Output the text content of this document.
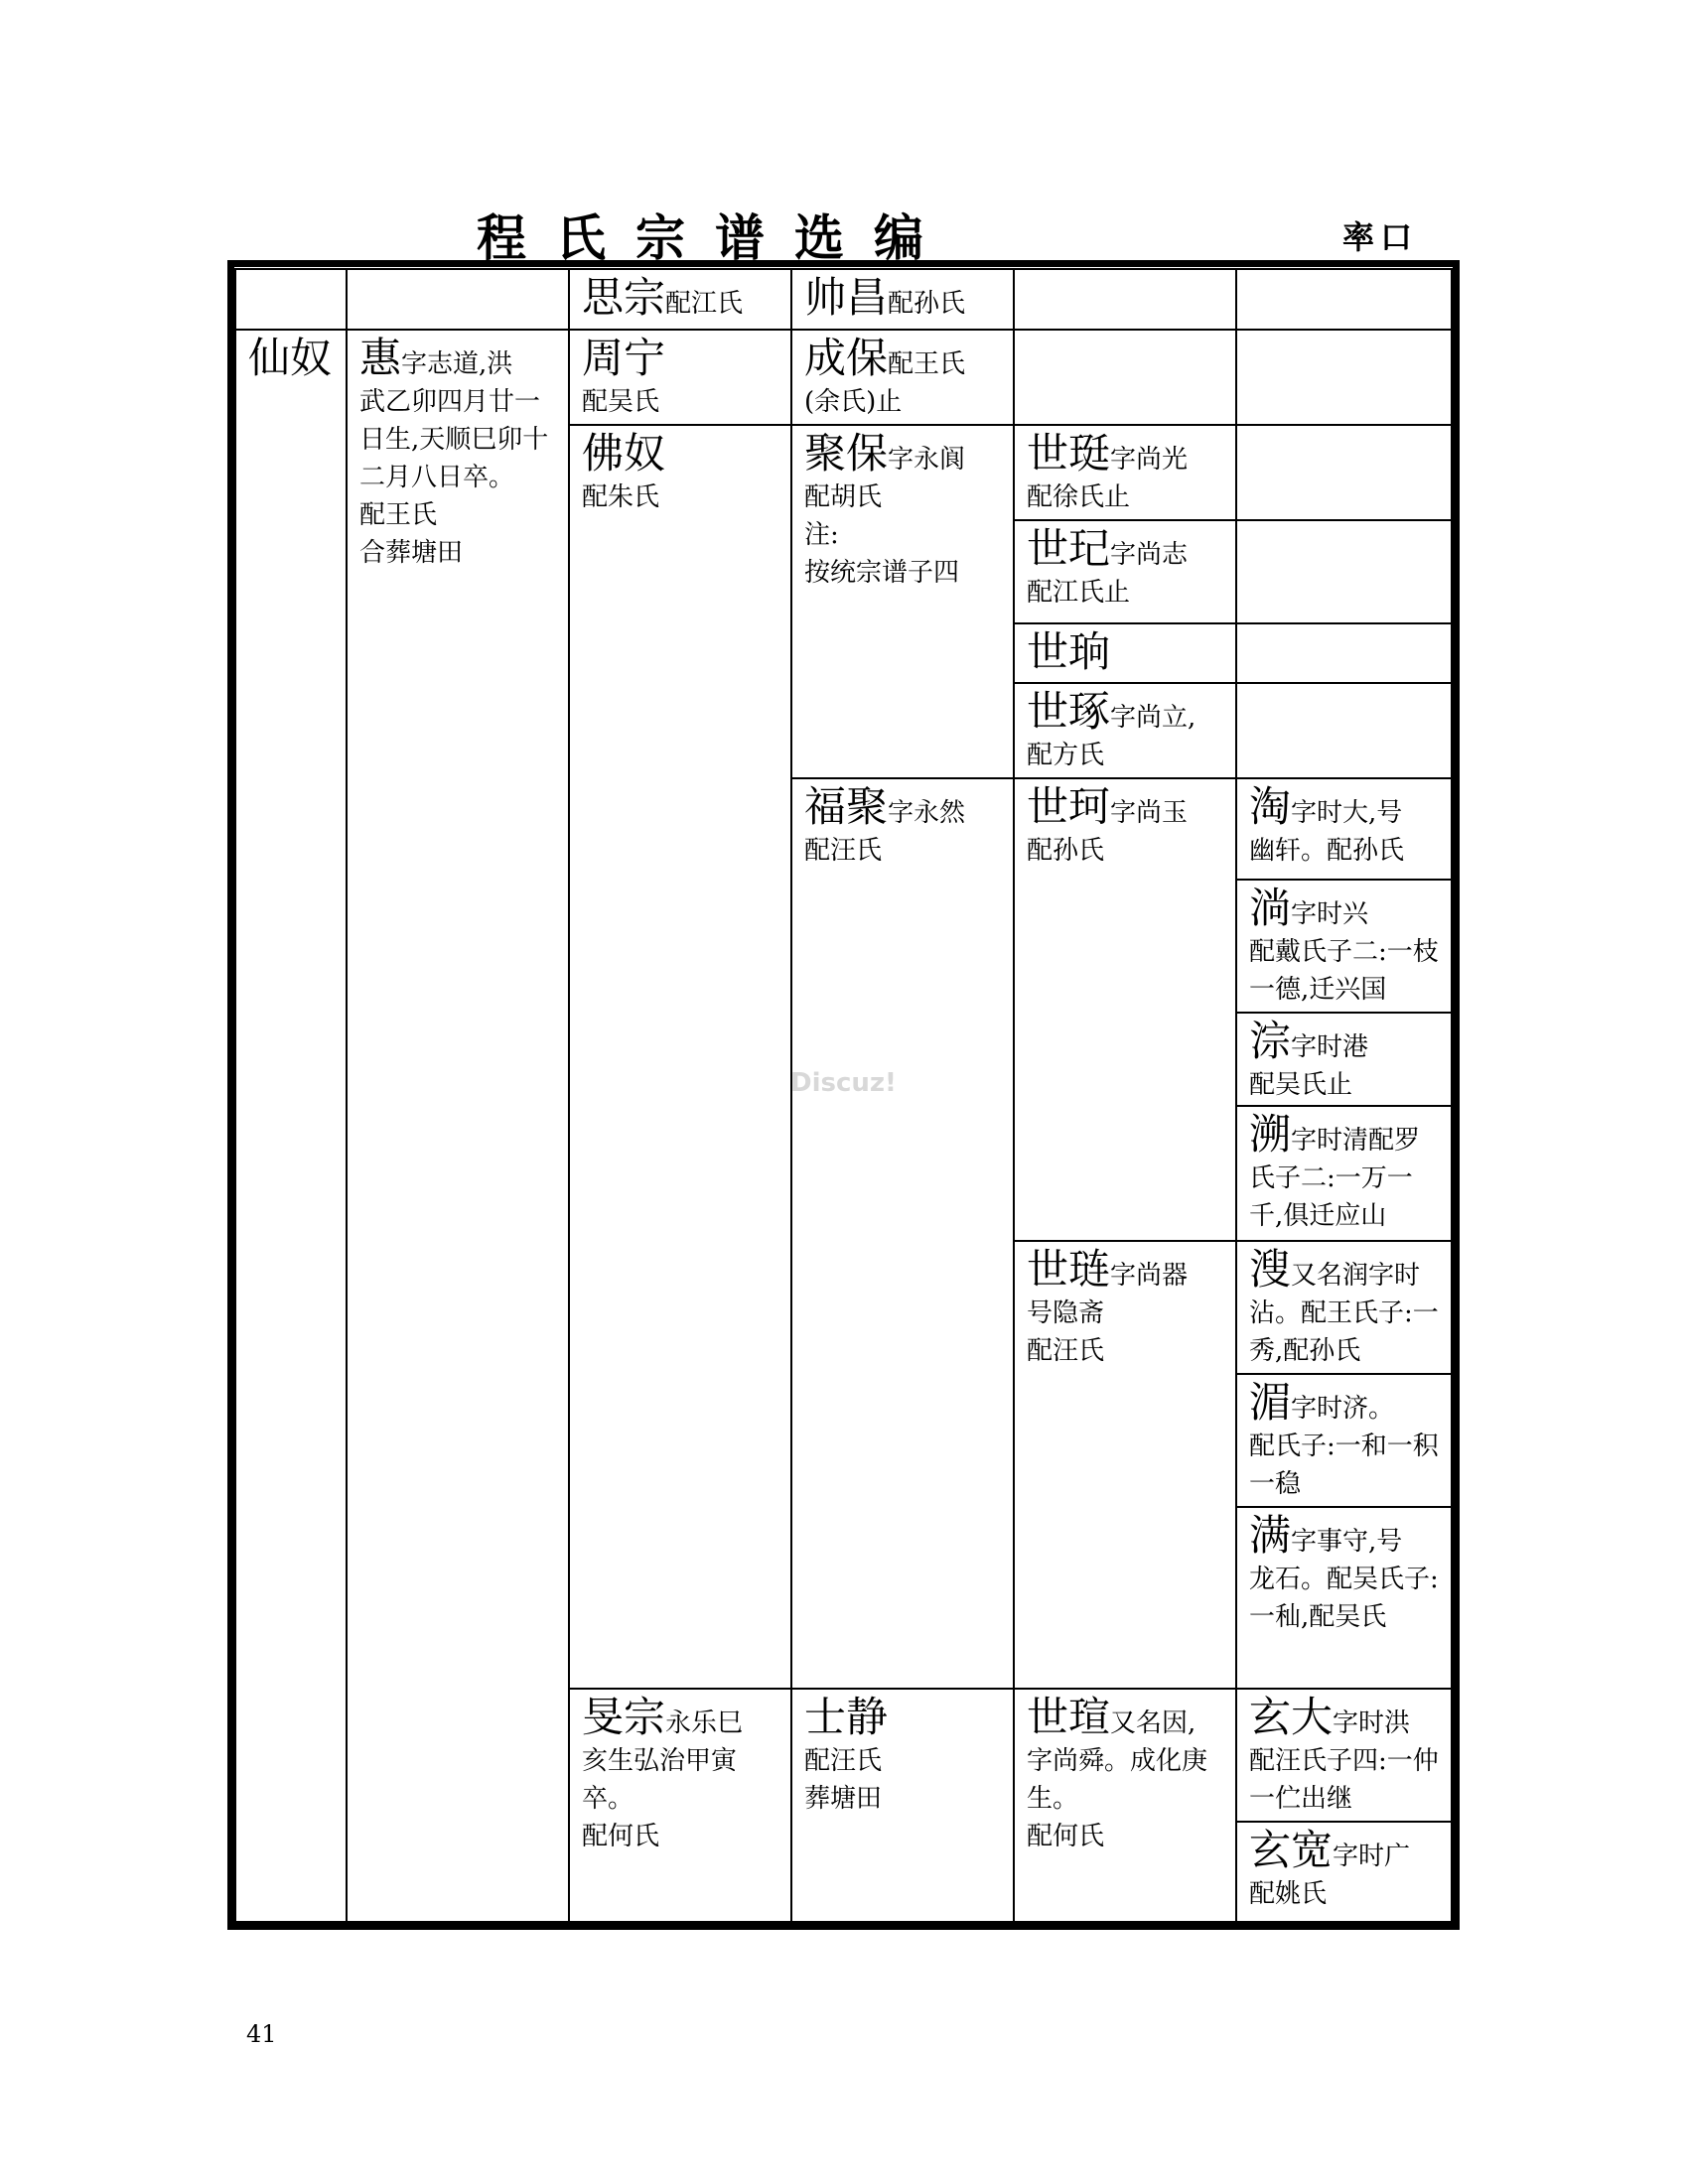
程氏宗谱选编	率口
仙奴 惠字志道,洪
武乙卯四月廿一日生,天顺巳卯十二月八日卒。
配王氏
合葬塘田
思宗配江氏
周宁
配吴氏
佛奴
配朱氏
旻宗永乐巳
亥生弘治甲寅卒。
配何氏
帅昌配孙氏
成保配王氏
(余氏)止
聚保字永阆
配胡氏
注:
按统宗谱子四
福聚字永然
配汪氏
士静
配汪氏
葬塘田
世珽字尚光
配徐氏止
世玘字尚志
配江氏止
世珦
世琢字尚立,
配方氏
世珂字尚玉
配孙氏
世琏字尚器
号隐斋
配汪氏
世瑄又名因,
字尚舜。成化庚生。
配何氏
淘字时大,号
幽轩。配孙氏
淌字时兴
配戴氏子二:一枝一德,迁兴国
淙字时港
配吴氏止
溯字时清配罗
氏子二:一万一千,俱迁应山
溲又名润字时
沾。配王氏子:一秀,配孙氏
湄字时济。
配氏子:一和一积一稳
满字事守,号
龙石。配吴氏子:一秈,配吴氏
玄大字时洪
配汪氏子四:一仲一伫出继
玄宽字时广
配姚氏
Discuz!
41
